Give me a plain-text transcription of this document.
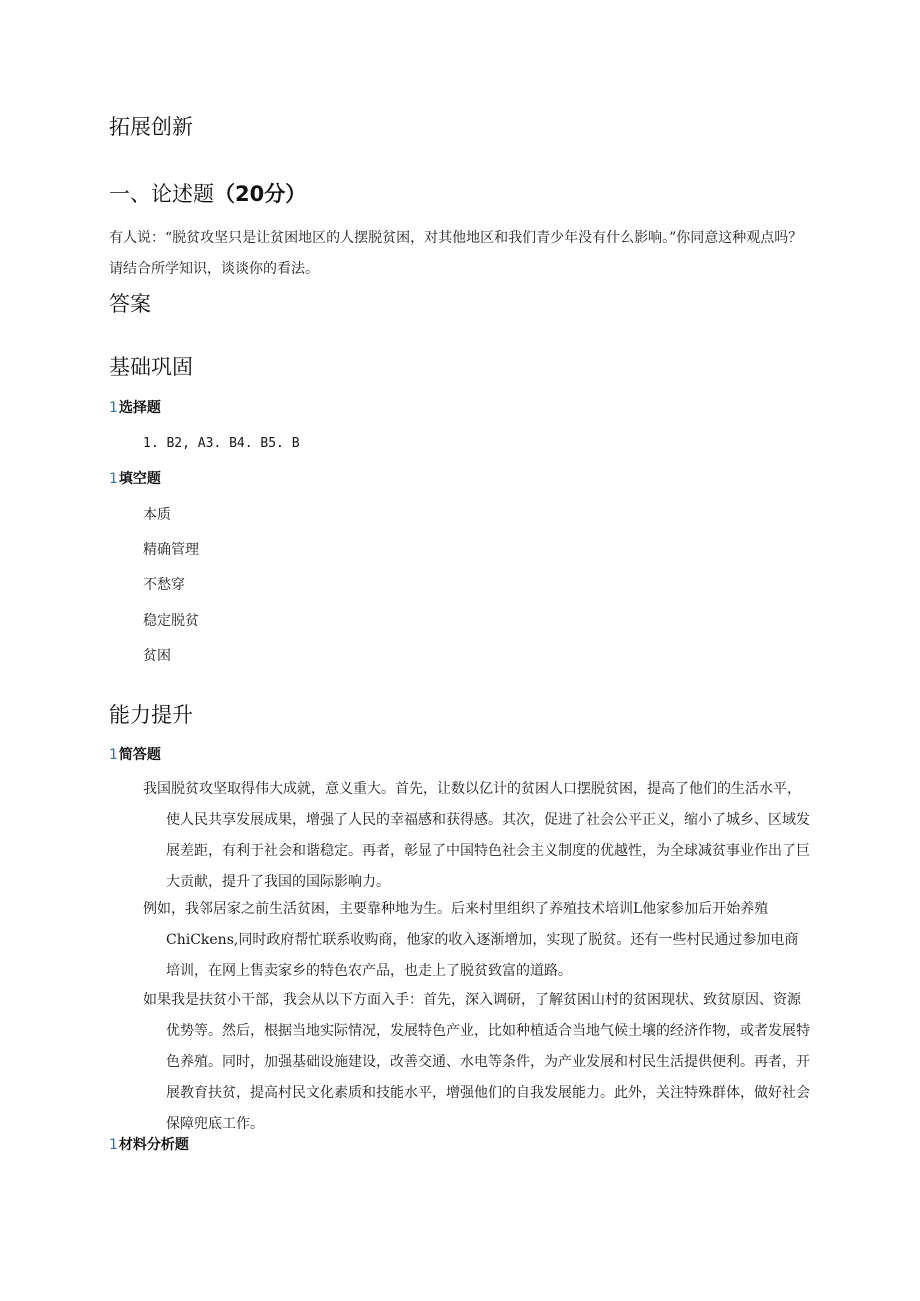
拓展创新
一、论述题（20分）

有人说：“脱贫攻坚只是让贫困地区的人摆脱贫困，对其他地区和我们青少年没有什么影响。”你同意这种观点吗？请结合所学知识，谈谈你的看法。

答案
基础巩固
1选择题
1. B2, A3. B4. B5. B
1填空题
本质
精确管理
不愁穿
稳定脱贫
贫困
能力提升
1简答题

我国脱贫攻坚取得伟大成就，意义重大。首先，让数以亿计的贫困人口摆脱贫困，提高了他们的生活水平，使人民共享发展成果，增强了人民的幸福感和获得感。其次，促进了社会公平正义，缩小了城乡、区域发展差距，有利于社会和谐稳定。再者，彰显了中国特色社会主义制度的优越性，为全球减贫事业作出了巨大贡献，提升了我国的国际影响力。

例如，我邻居家之前生活贫困，主要靠种地为生。后来村里组织了养殖技术培训L他家参加后开始养殖ChiCkens,同时政府帮忙联系收购商，他家的收入逐渐增加，实现了脱贫。还有一些村民通过参加电商培训，在网上售卖家乡的特色农产品，也走上了脱贫致富的道路。

如果我是扶贫小干部，我会从以下方面入手：首先，深入调研，了解贫困山村的贫困现状、致贫原因、资源优势等。然后，根据当地实际情况，发展特色产业，比如种植适合当地气候土壤的经济作物，或者发展特色养殖。同时，加强基础设施建设，改善交通、水电等条件，为产业发展和村民生活提供便利。再者，开展教育扶贫，提高村民文化素质和技能水平，增强他们的自我发展能力。此外，关注特殊群体，做好社会保障兜底工作。

1材料分析题
